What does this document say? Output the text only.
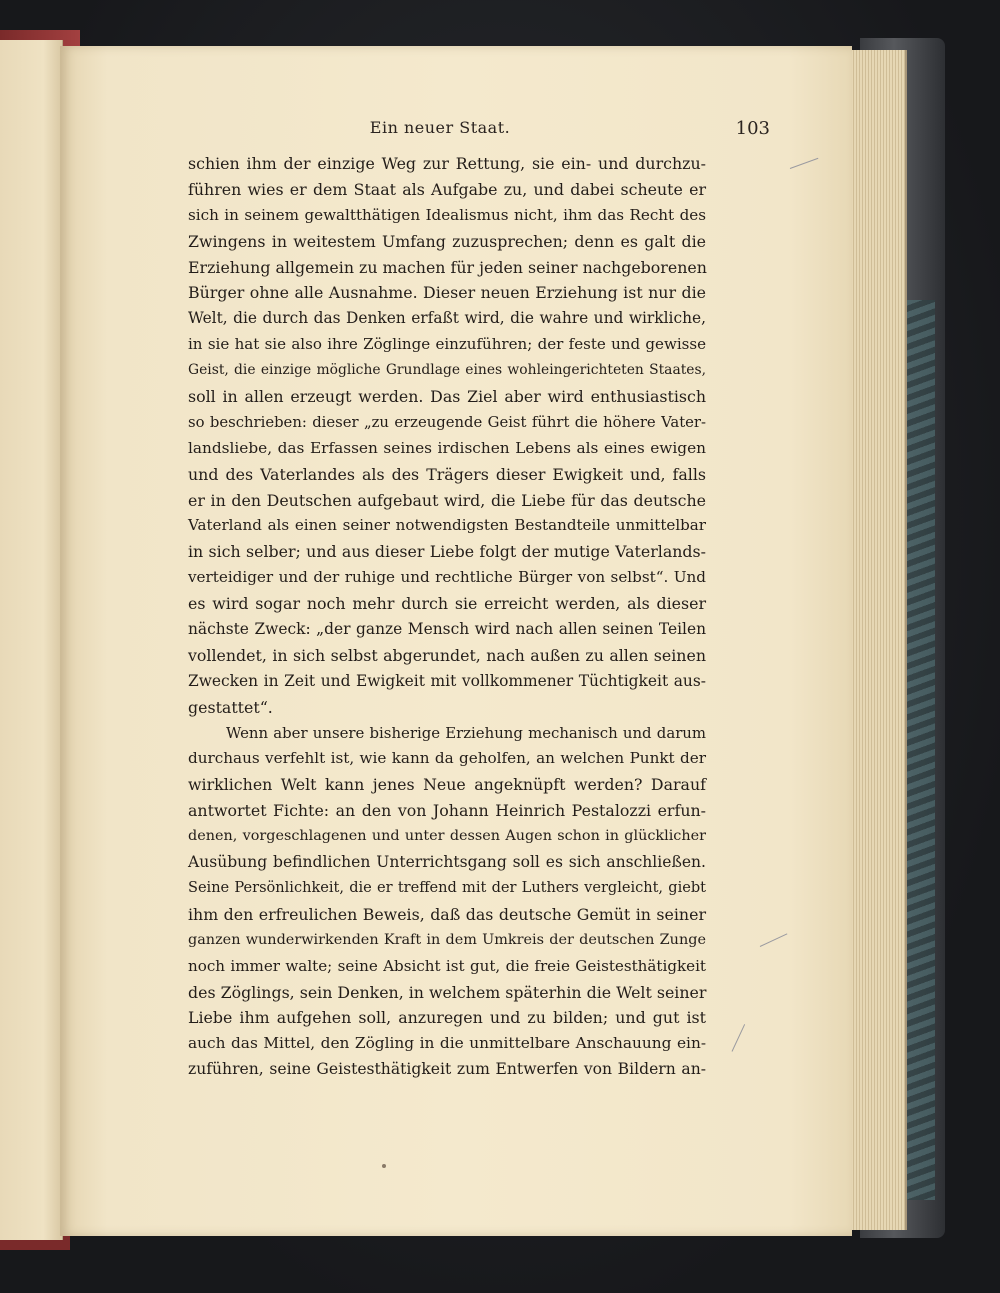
Ein neuer Staat.	103
schien ihm der einzige Weg zur Rettung, sie ein- und durchzu-
führen wies er dem Staat als Aufgabe zu, und dabei scheute er
sich in seinem gewaltthätigen Idealismus nicht, ihm das Recht des
Zwingens in weitestem Umfang zuzusprechen; denn es galt die
Erziehung allgemein zu machen für jeden seiner nachgeborenen
Bürger ohne alle Ausnahme. Dieser neuen Erziehung ist nur die
Welt, die durch das Denken erfaßt wird, die wahre und wirkliche,
in sie hat sie also ihre Zöglinge einzuführen; der feste und gewisse
Geist, die einzige mögliche Grundlage eines wohleingerichteten Staates,
soll in allen erzeugt werden. Das Ziel aber wird enthusiastisch
so beschrieben: dieser „zu erzeugende Geist führt die höhere Vater-
landsliebe, das Erfassen seines irdischen Lebens als eines ewigen
und des Vaterlandes als des Trägers dieser Ewigkeit und, falls
er in den Deutschen aufgebaut wird, die Liebe für das deutsche
Vaterland als einen seiner notwendigsten Bestandteile unmittelbar
in sich selber; und aus dieser Liebe folgt der mutige Vaterlands-
verteidiger und der ruhige und rechtliche Bürger von selbst“. Und
es wird sogar noch mehr durch sie erreicht werden, als dieser
nächste Zweck: „der ganze Mensch wird nach allen seinen Teilen
vollendet, in sich selbst abgerundet, nach außen zu allen seinen
Zwecken in Zeit und Ewigkeit mit vollkommener Tüchtigkeit aus-
gestattet“.
Wenn aber unsere bisherige Erziehung mechanisch und darum
durchaus verfehlt ist, wie kann da geholfen, an welchen Punkt der
wirklichen Welt kann jenes Neue angeknüpft werden? Darauf
antwortet Fichte: an den von Johann Heinrich Pestalozzi erfun-
denen, vorgeschlagenen und unter dessen Augen schon in glücklicher
Ausübung befindlichen Unterrichtsgang soll es sich anschließen.
Seine Persönlichkeit, die er treffend mit der Luthers vergleicht, giebt
ihm den erfreulichen Beweis, daß das deutsche Gemüt in seiner
ganzen wunderwirkenden Kraft in dem Umkreis der deutschen Zunge
noch immer walte; seine Absicht ist gut, die freie Geistesthätigkeit
des Zöglings, sein Denken, in welchem späterhin die Welt seiner
Liebe ihm aufgehen soll, anzuregen und zu bilden; und gut ist
auch das Mittel, den Zögling in die unmittelbare Anschauung ein-
zuführen, seine Geistesthätigkeit zum Entwerfen von Bildern an-
